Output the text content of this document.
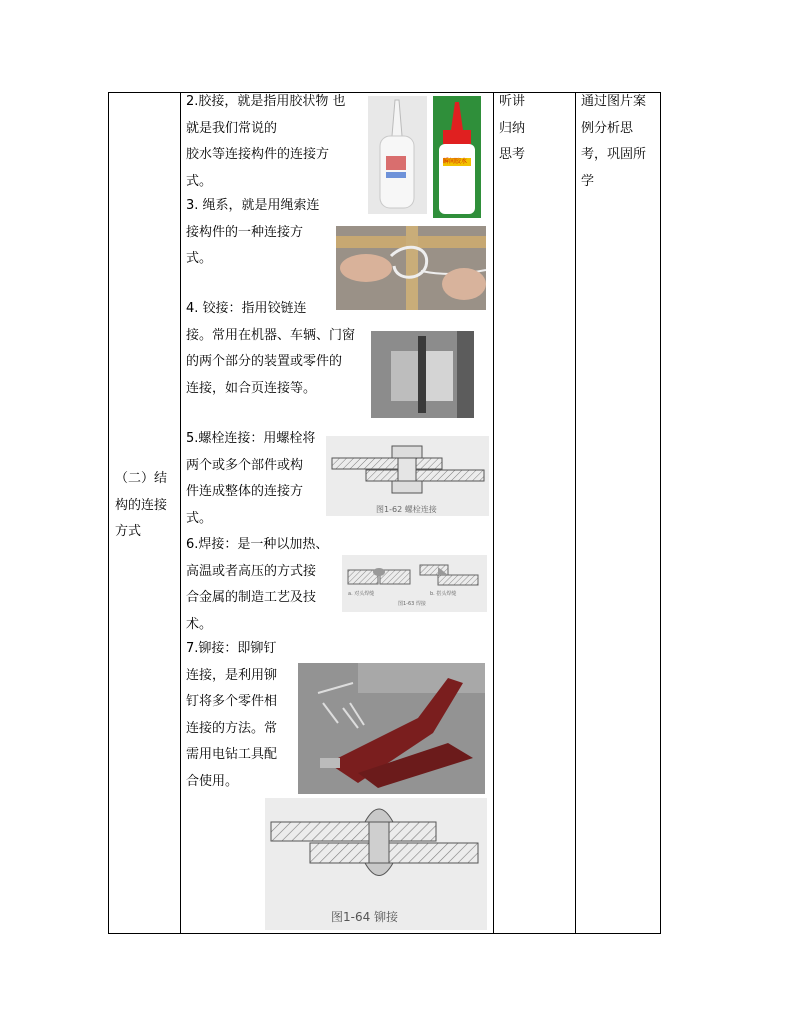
（二）结
构的连接
方式
2.胶接，就是指用胶状物 也
就是我们常说的
胶水等连接构件的连接方
式。
3. 绳系，就是用绳索连
接构件的一种连接方
式。
4. 铰接：指用铰链连
接。常用在机器、车辆、门窗
的两个部分的装置或零件的
连接，如合页连接等。
5.螺栓连接：用螺栓将
两个或多个部件或构
件连成整体的连接方
式。
6.焊接：是一种以加热、
高温或者高压的方式接
合金属的制造工艺及技
术。
7.铆接：即铆钉
连接，是利用铆
钉将多个零件相
连接的方法。常
需用电钻工具配
合使用。
听讲
归纳
思考
通过图片案
例分析思
考，巩固所
学
瞬间胶水
图1-62 螺栓连接
a. 对头焊缝	b. 搭头焊缝
图1-63 焊接
图1-64 铆接
